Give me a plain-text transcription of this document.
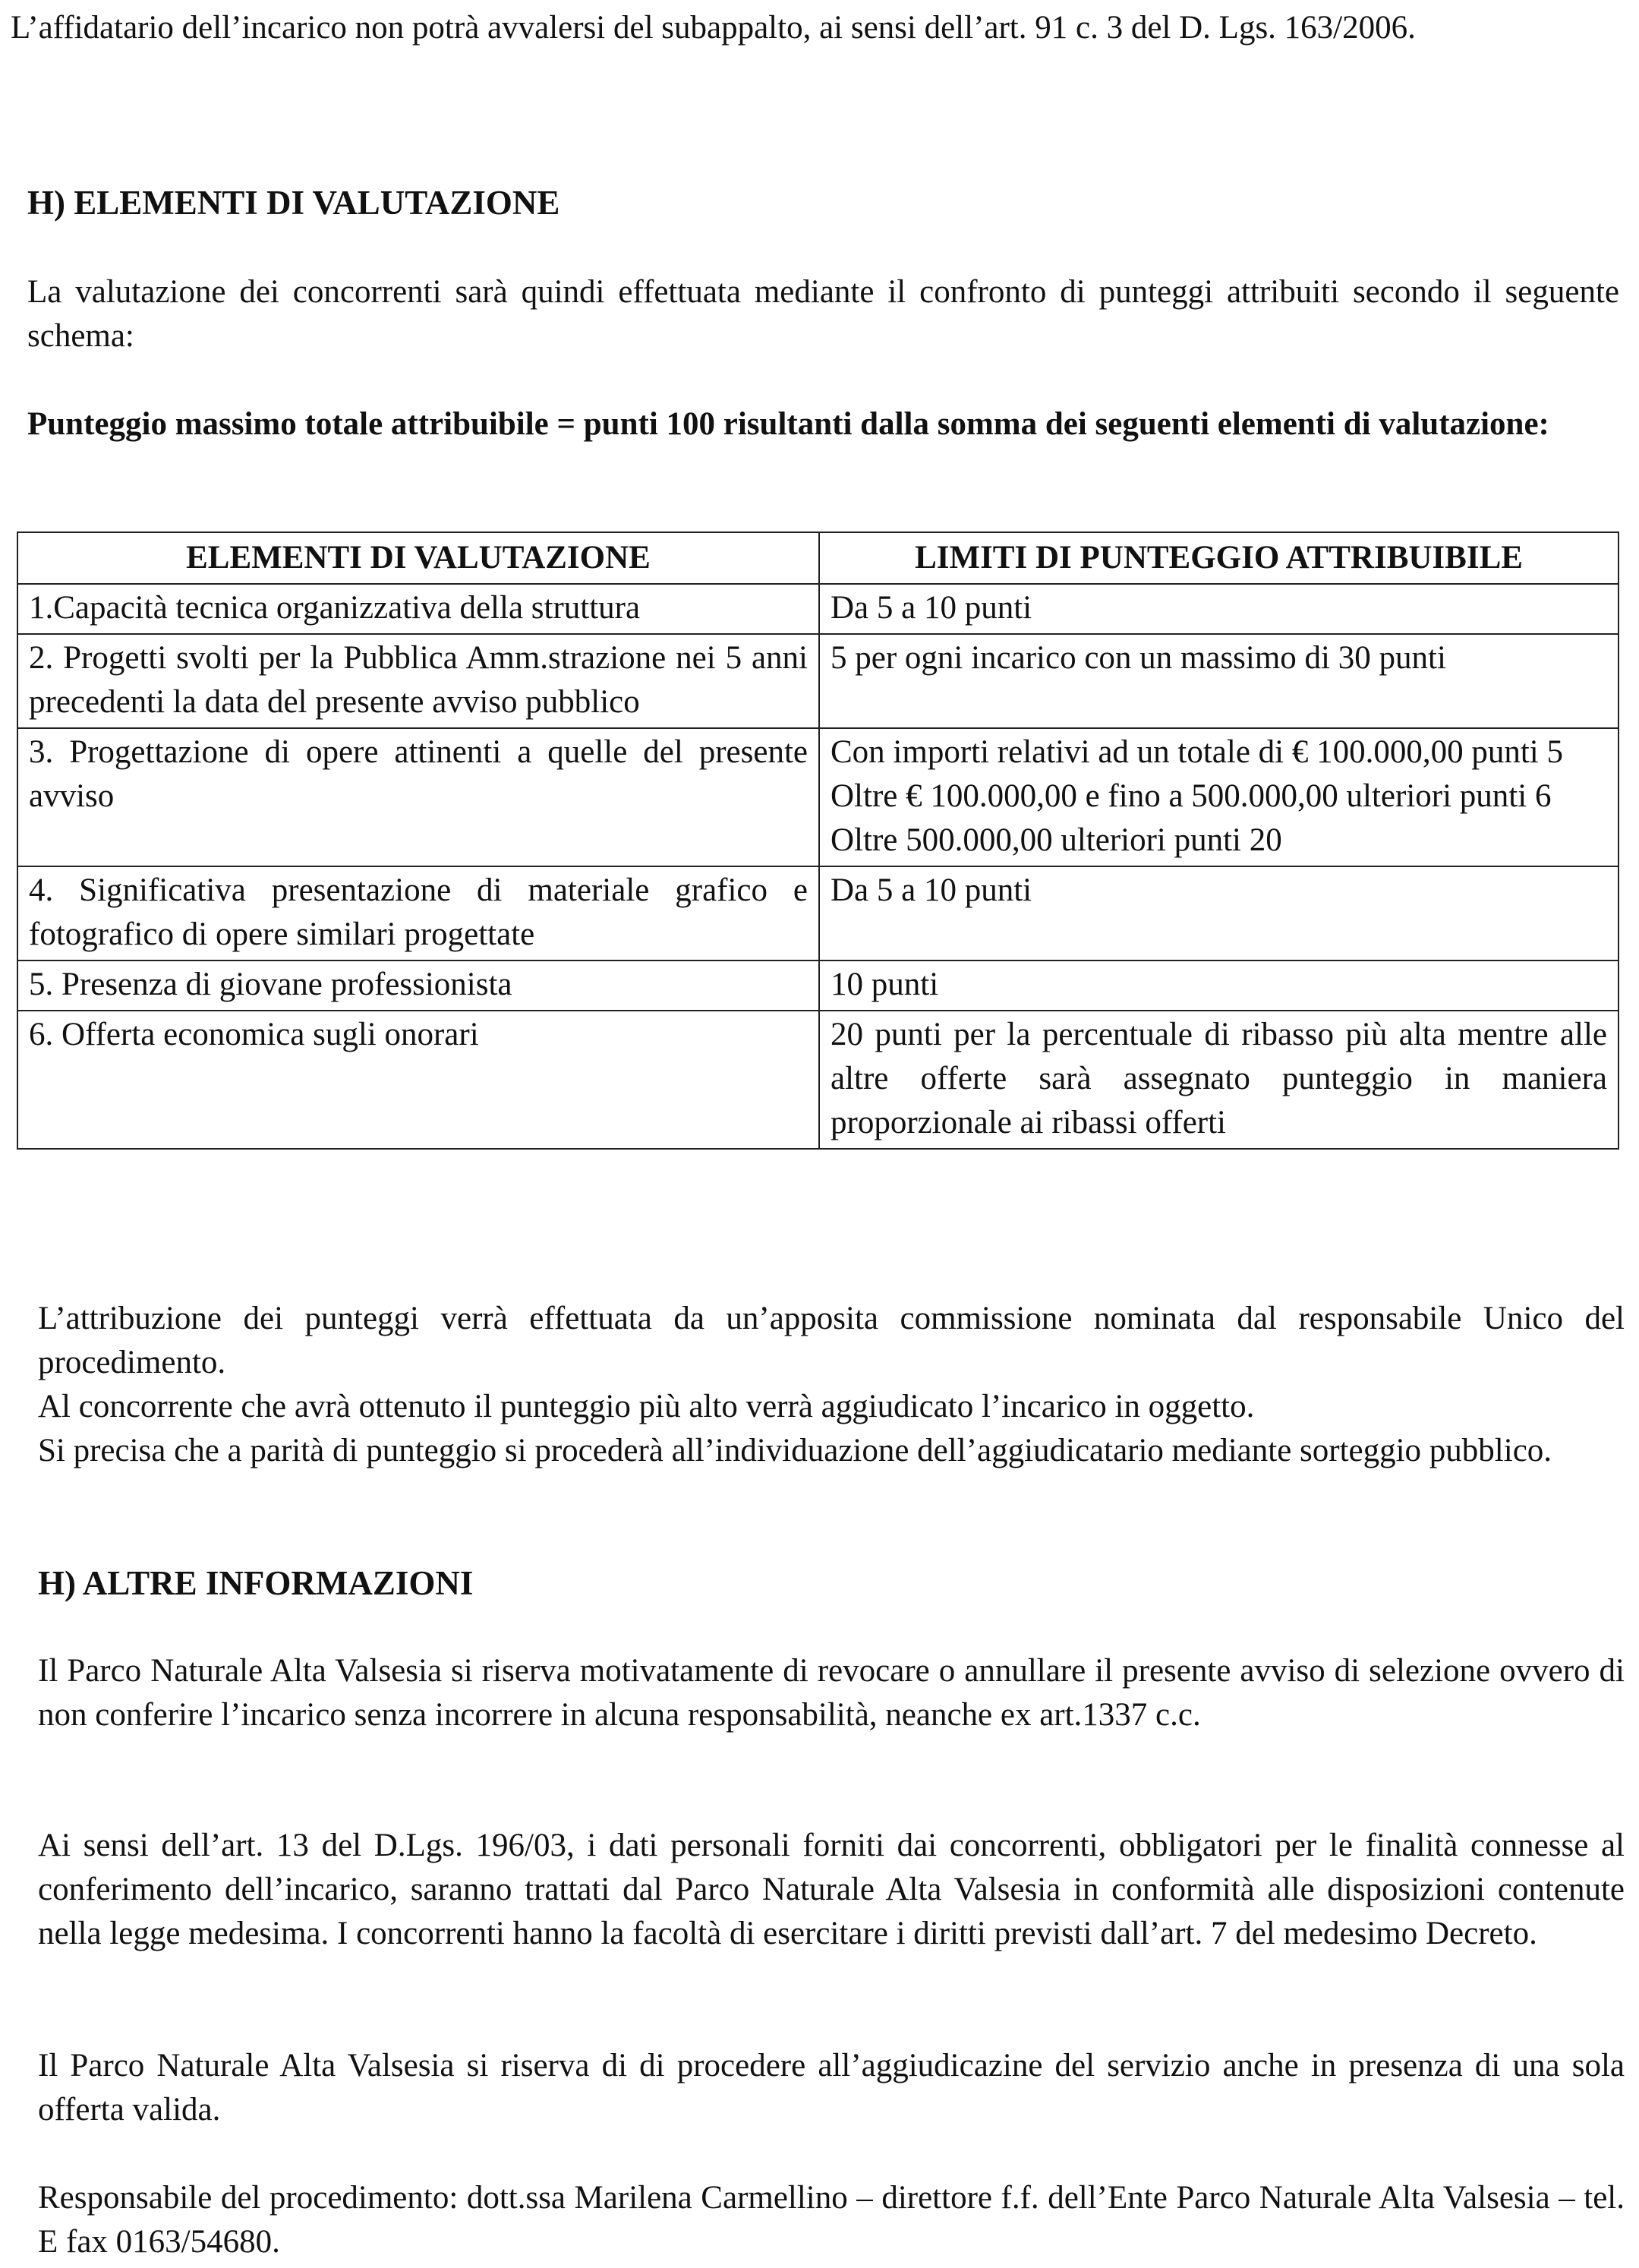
L’affidatario dell’incarico non potrà avvalersi del subappalto, ai sensi dell’art. 91 c. 3 del D. Lgs. 163/2006.

H) ELEMENTI DI VALUTAZIONE

La valutazione dei concorrenti sarà quindi effettuata mediante il confronto di punteggi attribuiti secondo il seguente schema:

Punteggio massimo totale attribuibile = punti 100 risultanti dalla somma dei seguenti elementi di valutazione:

ELEMENTI DI VALUTAZIONE	LIMITI DI PUNTEGGIO ATTRIBUIBILE
1.Capacità tecnica organizzativa della struttura	Da 5 a 10 punti
2. Progetti svolti per la Pubblica Amm.strazione nei 5 anni precedenti la data del presente avviso pubblico	5 per ogni incarico con un massimo di 30 punti
3. Progettazione di opere attinenti a quelle del presente avviso	Con importi relativi ad un totale di € 100.000,00 punti 5
Oltre € 100.000,00 e fino a 500.000,00 ulteriori punti 6
Oltre 500.000,00 ulteriori punti 20

4. Significativa presentazione di materiale grafico e fotografico di opere similari progettate	Da 5 a 10 punti
5. Presenza di giovane professionista	10 punti
6. Offerta economica sugli onorari	20 punti per la percentuale di ribasso più alta mentre alle altre offerte sarà assegnato punteggio in maniera proporzionale ai ribassi offerti

L’attribuzione dei punteggi verrà effettuata da un’apposita commissione nominata dal responsabile Unico del procedimento.

Al concorrente che avrà ottenuto il punteggio più alto verrà aggiudicato l’incarico in oggetto.

Si precisa che a parità di punteggio si procederà all’individuazione dell’aggiudicatario mediante sorteggio pubblico.

H) ALTRE INFORMAZIONI

Il Parco Naturale Alta Valsesia si riserva motivatamente di revocare o annullare il presente avviso di selezione ovvero di non conferire l’incarico senza incorrere in alcuna responsabilità, neanche ex art.1337 c.c.

Ai sensi dell’art. 13 del D.Lgs. 196/03, i dati personali forniti dai concorrenti, obbligatori per le finalità connesse al conferimento dell’incarico, saranno trattati dal Parco Naturale Alta Valsesia in conformità alle disposizioni contenute nella legge medesima. I concorrenti hanno la facoltà di esercitare i diritti previsti dall’art. 7 del medesimo Decreto.

Il Parco Naturale Alta Valsesia si riserva di di procedere all’aggiudicazine del servizio anche in presenza di una sola offerta valida.

Responsabile del procedimento: dott.ssa Marilena Carmellino – direttore f.f. dell’Ente Parco Naturale Alta Valsesia – tel. E fax 0163/54680.
